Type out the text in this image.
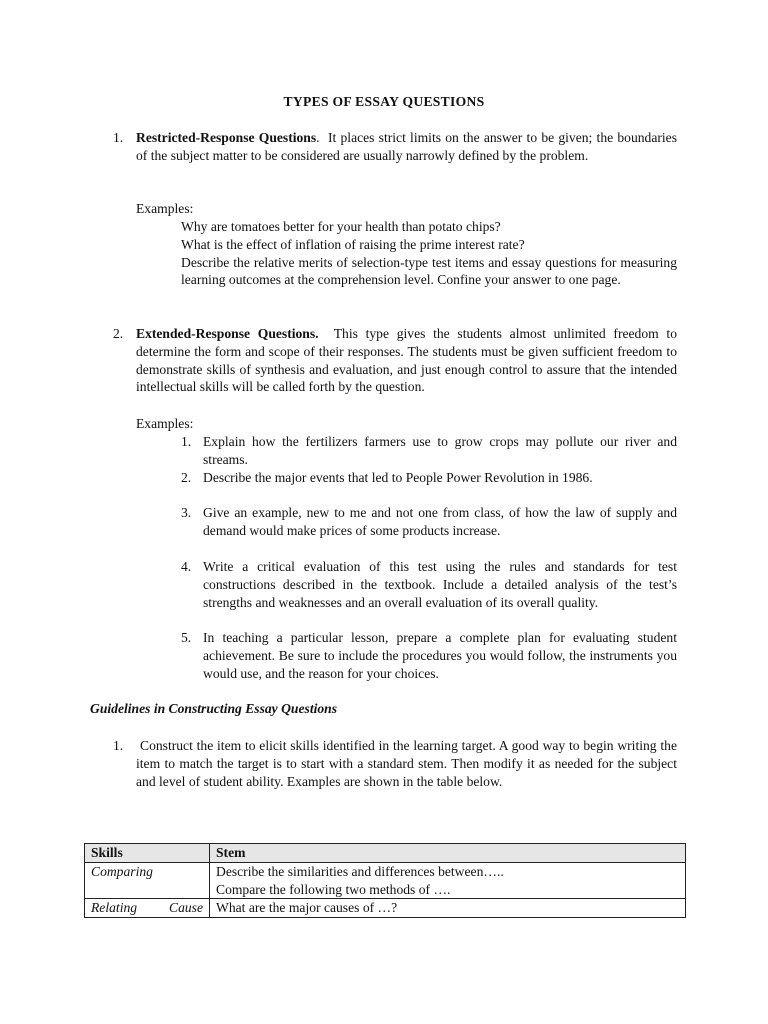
TYPES OF ESSAY QUESTIONS
1. Restricted-Response Questions. It places strict limits on the answer to be given; the boundaries of the subject matter to be considered are usually narrowly defined by the problem.
Examples:

Why are tomatoes better for your health than potato chips?

What is the effect of inflation of raising the prime interest rate?

Describe the relative merits of selection-type test items and essay questions for measuring learning outcomes at the comprehension level. Confine your answer to one page.

2. Extended-Response Questions. This type gives the students almost unlimited freedom to determine the form and scope of their responses. The students must be given sufficient freedom to demonstrate skills of synthesis and evaluation, and just enough control to assure that the intended intellectual skills will be called forth by the question.
Examples:
1. Explain how the fertilizers farmers use to grow crops may pollute our river and streams.
2. Describe the major events that led to People Power Revolution in 1986.
3. Give an example, new to me and not one from class, of how the law of supply and demand would make prices of some products increase.
4. Write a critical evaluation of this test using the rules and standards for test constructions described in the textbook. Include a detailed analysis of the test’s strengths and weaknesses and an overall evaluation of its overall quality.
5. In teaching a particular lesson, prepare a complete plan for evaluating student achievement. Be sure to include the procedures you would follow, the instruments you would use, and the reason for your choices.
Guidelines in Constructing Essay Questions
1. Construct the item to elicit skills identified in the learning target. A good way to begin writing the item to match the target is to start with a standard stem. Then modify it as needed for the subject and level of student ability. Examples are shown in the table below.
Skills	Stem
Comparing	Describe the similarities and differences between…..
Compare the following two methods of ….

Relating Cause	What are the major causes of …?
